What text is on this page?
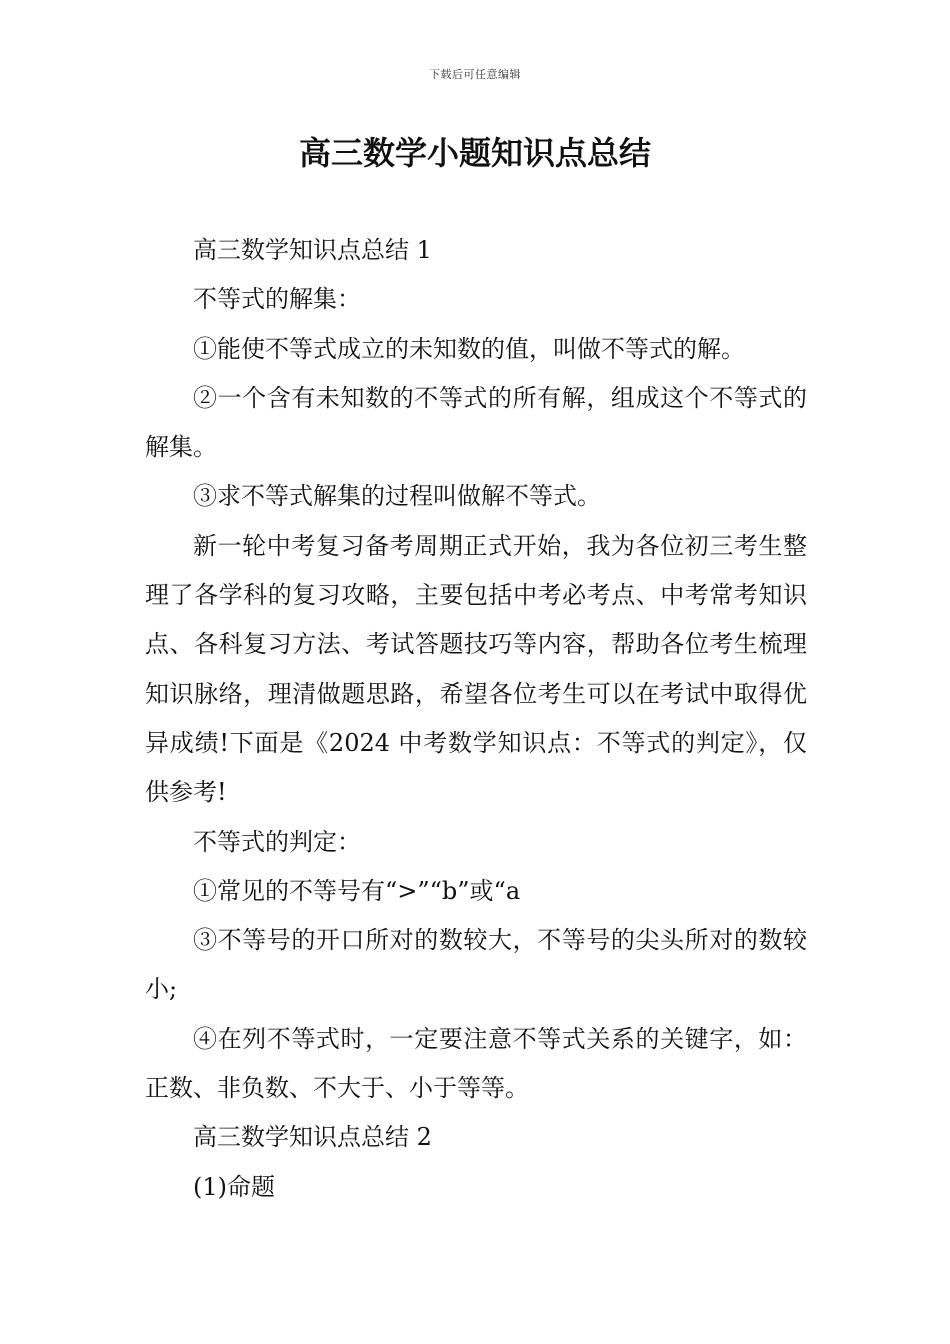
下载后可任意编辑
高三数学小题知识点总结

高三数学知识点总结 1

不等式的解集：

①能使不等式成立的未知数的值，叫做不等式的解。

②一个含有未知数的不等式的所有解，组成这个不等式的解集。

③求不等式解集的过程叫做解不等式。

新一轮中考复习备考周期正式开始，我为各位初三考生整理了各学科的复习攻略，主要包括中考必考点、中考常考知识点、各科复习方法、考试答题技巧等内容，帮助各位考生梳理知识脉络，理清做题思路，希望各位考生可以在考试中取得优异成绩!下面是《2024 中考数学知识点：不等式的判定》，仅供参考!

不等式的判定：

①常见的不等号有“>”“b”或“a

③不等号的开口所对的数较大，不等号的尖头所对的数较小;

④在列不等式时，一定要注意不等式关系的关键字，如：正数、非负数、不大于、小于等等。

高三数学知识点总结 2

(1)命题
